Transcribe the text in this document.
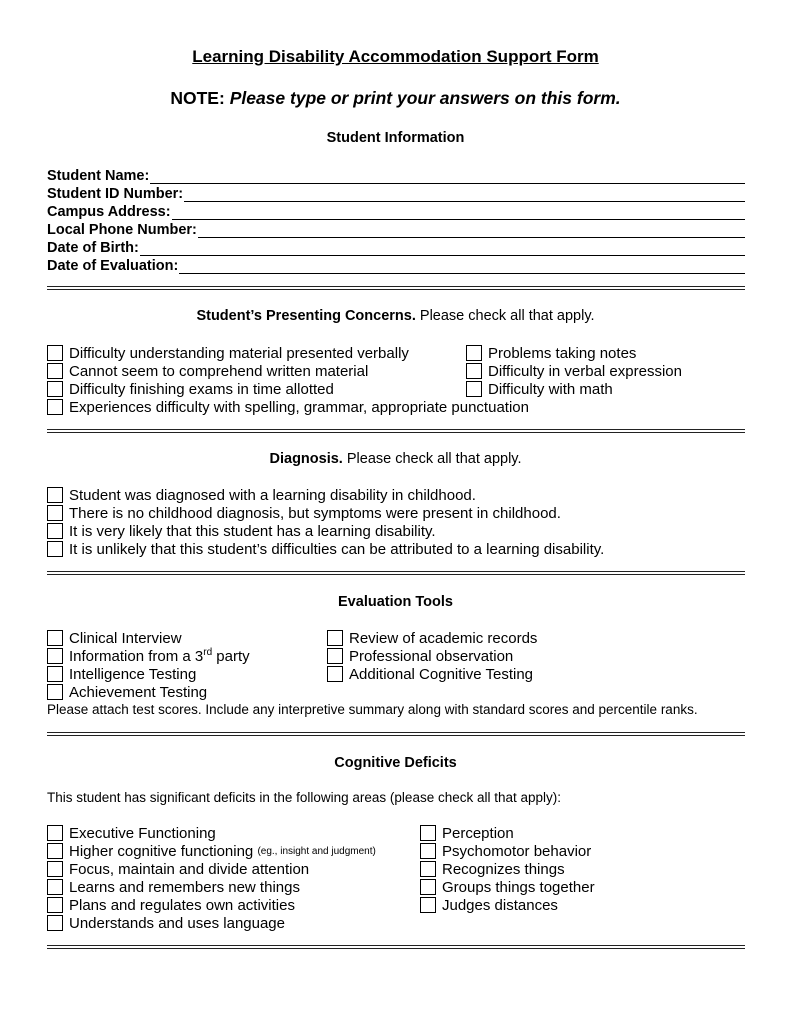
Learning Disability Accommodation Support Form
NOTE: Please type or print your answers on this form.
Student Information
Student Name:
Student ID Number:
Campus Address:
Local Phone Number:
Date of Birth:
Date of Evaluation:
Student’s Presenting Concerns. Please check all that apply.
Difficulty understanding material presented verbally
Cannot seem to comprehend written material
Difficulty finishing exams in time allotted
Experiences difficulty with spelling, grammar, appropriate punctuation
Problems taking notes
Difficulty in verbal expression
Difficulty with math
Diagnosis. Please check all that apply.
Student was diagnosed with a learning disability in childhood.
There is no childhood diagnosis, but symptoms were present in childhood.
It is very likely that this student has a learning disability.
It is unlikely that this student’s difficulties can be attributed to a learning disability.
Evaluation Tools
Clinical Interview
Information from a 3rd party
Intelligence Testing
Achievement Testing
Review of academic records
Professional observation
Additional Cognitive Testing
Please attach test scores. Include any interpretive summary along with standard scores and percentile ranks.
Cognitive Deficits
This student has significant deficits in the following areas (please check all that apply):
Executive Functioning
Higher cognitive functioning
(eg., insight and judgment)
Focus, maintain and divide attention
Learns and remembers new things
Plans and regulates own activities
Understands and uses language
Perception
Psychomotor behavior
Recognizes things
Groups things together
Judges distances
